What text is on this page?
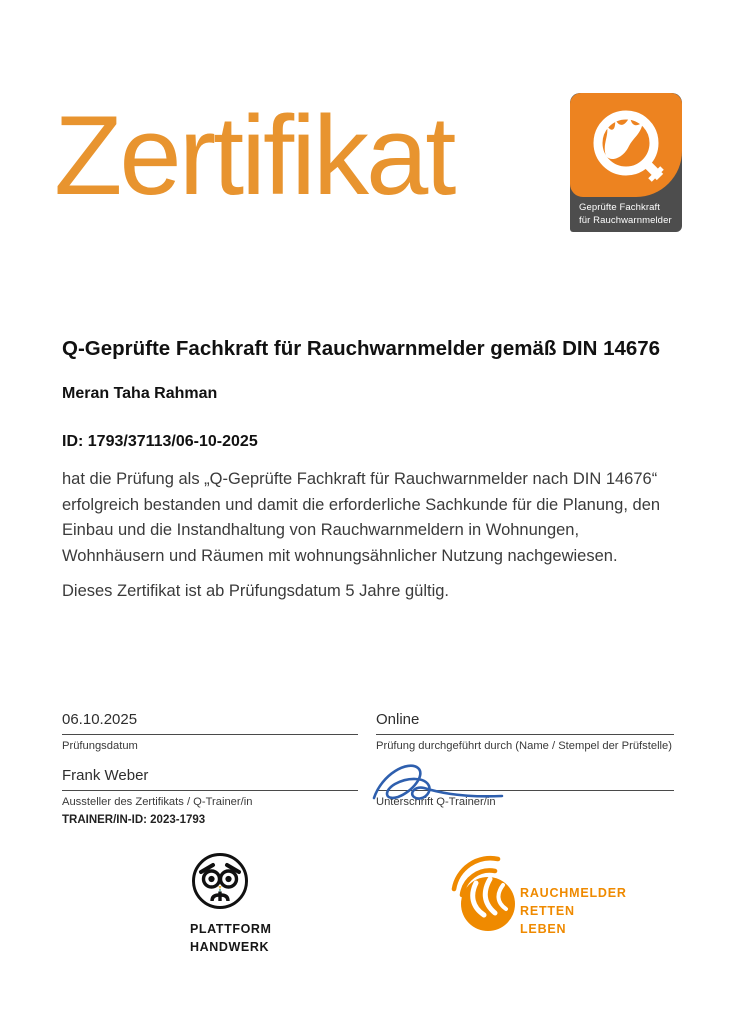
Zertifikat	Geprüfte Fachkraft
für Rauchwarnmelder
Q-Geprüfte Fachkraft für Rauchwarnmelder gemäß DIN 14676
Meran Taha Rahman
ID: 1793/37113/06-10-2025
hat die Prüfung als „Q-Geprüfte Fachkraft für Rauchwarnmelder nach DIN 14676“ erfolgreich bestanden und damit die erforderliche Sachkunde für die Planung, den Einbau und die Instandhaltung von Rauchwarnmeldern in Wohnungen, Wohnhäusern und Räumen mit wohnungsähnlicher Nutzung nachgewiesen.
Dieses Zertifikat ist ab Prüfungsdatum 5 Jahre gültig.
06.10.2025
Prüfungsdatum
Online
Prüfung durchgeführt durch (Name / Stempel der Prüfstelle)
Frank Weber
Aussteller des Zertifikats / Q-Trainer/in
TRAINER/IN-ID: 2023-1793
Unterschrift Q-Trainer/in
PLATTFORM
HANDWERK
RAUCHMELDER
RETTEN
LEBEN
